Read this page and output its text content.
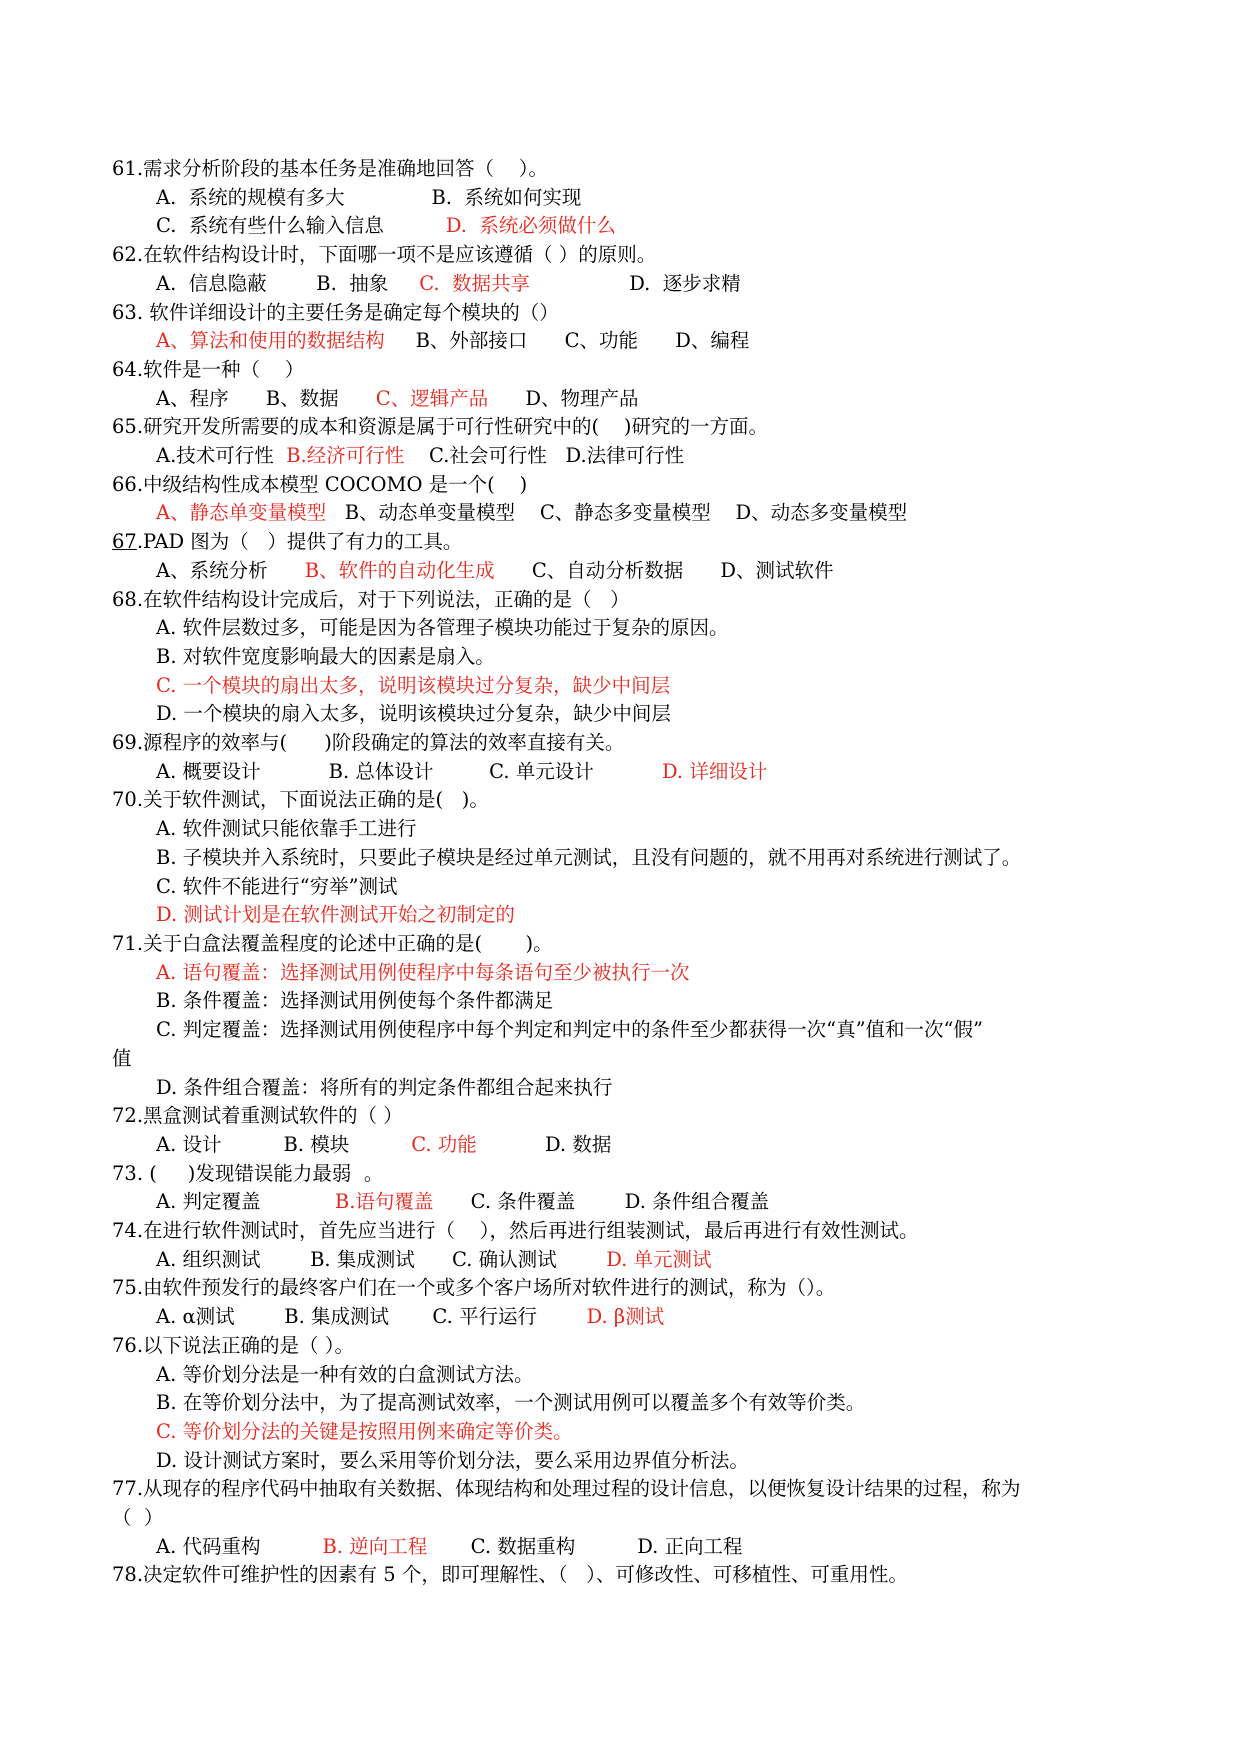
61.需求分析阶段的基本任务是准确地回答（    ）。
A.  系统的规模有多大              B.  系统如何实现
C.  系统有些什么输入信息          D.  系统必须做什么
62.在软件结构设计时，下面哪一项不是应该遵循（ ）的原则。
A.  信息隐蔽        B.  抽象     C.  数据共享                D.  逐步求精
63. 软件详细设计的主要任务是确定每个模块的（）
A、算法和使用的数据结构     B、外部接口      C、功能      D、编程
64.软件是一种（    ）
A、程序      B、数据      C、逻辑产品      D、物理产品
65.研究开发所需要的成本和资源是属于可行性研究中的(    )研究的一方面。
A.技术可行性  B.经济可行性    C.社会可行性   D.法律可行性
66.中级结构性成本模型 COCOMO 是一个(    )
A、静态单变量模型   B、动态单变量模型    C、静态多变量模型    D、动态多变量模型
67.PAD 图为（   ）提供了有力的工具。
A、系统分析      B、软件的自动化生成      C、自动分析数据      D、测试软件
68.在软件结构设计完成后，对于下列说法，正确的是（   ）
A. 软件层数过多，可能是因为各管理子模块功能过于复杂的原因。
B. 对软件宽度影响最大的因素是扇入。
C. 一个模块的扇出太多，说明该模块过分复杂，缺少中间层
D. 一个模块的扇入太多，说明该模块过分复杂，缺少中间层
69.源程序的效率与(      )阶段确定的算法的效率直接有关。
A. 概要设计           B. 总体设计         C. 单元设计           D. 详细设计
70.关于软件测试，下面说法正确的是(   )。
A. 软件测试只能依靠手工进行
B. 子模块并入系统时，只要此子模块是经过单元测试，且没有问题的，就不用再对系统进行测试了。
C. 软件不能进行“穷举”测试
D. 测试计划是在软件测试开始之初制定的
71.关于白盒法覆盖程度的论述中正确的是(       )。
A. 语句覆盖：选择测试用例使程序中每条语句至少被执行一次
B. 条件覆盖：选择测试用例使每个条件都满足
C. 判定覆盖：选择测试用例使程序中每个判定和判定中的条件至少都获得一次“真”值和一次“假”
值
D. 条件组合覆盖：将所有的判定条件都组合起来执行
72.黑盒测试着重测试软件的（ ）
A. 设计          B. 模块          C. 功能           D. 数据
73. (     )发现错误能力最弱  。
A. 判定覆盖            B.语句覆盖      C. 条件覆盖        D. 条件组合覆盖
74.在进行软件测试时，首先应当进行（    ），然后再进行组装测试，最后再进行有效性测试。
A. 组织测试        B. 集成测试      C. 确认测试        D. 单元测试
75.由软件预发行的最终客户们在一个或多个客户场所对软件进行的测试，称为（）。
A. α测试        B. 集成测试       C. 平行运行        D. β测试
76.以下说法正确的是（ ）。
A. 等价划分法是一种有效的白盒测试方法。
B. 在等价划分法中，为了提高测试效率，一个测试用例可以覆盖多个有效等价类。
C. 等价划分法的关键是按照用例来确定等价类。
D. 设计测试方案时，要么采用等价划分法，要么采用边界值分析法。
77.从现存的程序代码中抽取有关数据、体现结构和处理过程的设计信息，以便恢复设计结果的过程，称为
（  ）
A. 代码重构          B. 逆向工程       C. 数据重构          D. 正向工程
78.决定软件可维护性的因素有 5 个，即可理解性、（   ）、可修改性、可移植性、可重用性。
